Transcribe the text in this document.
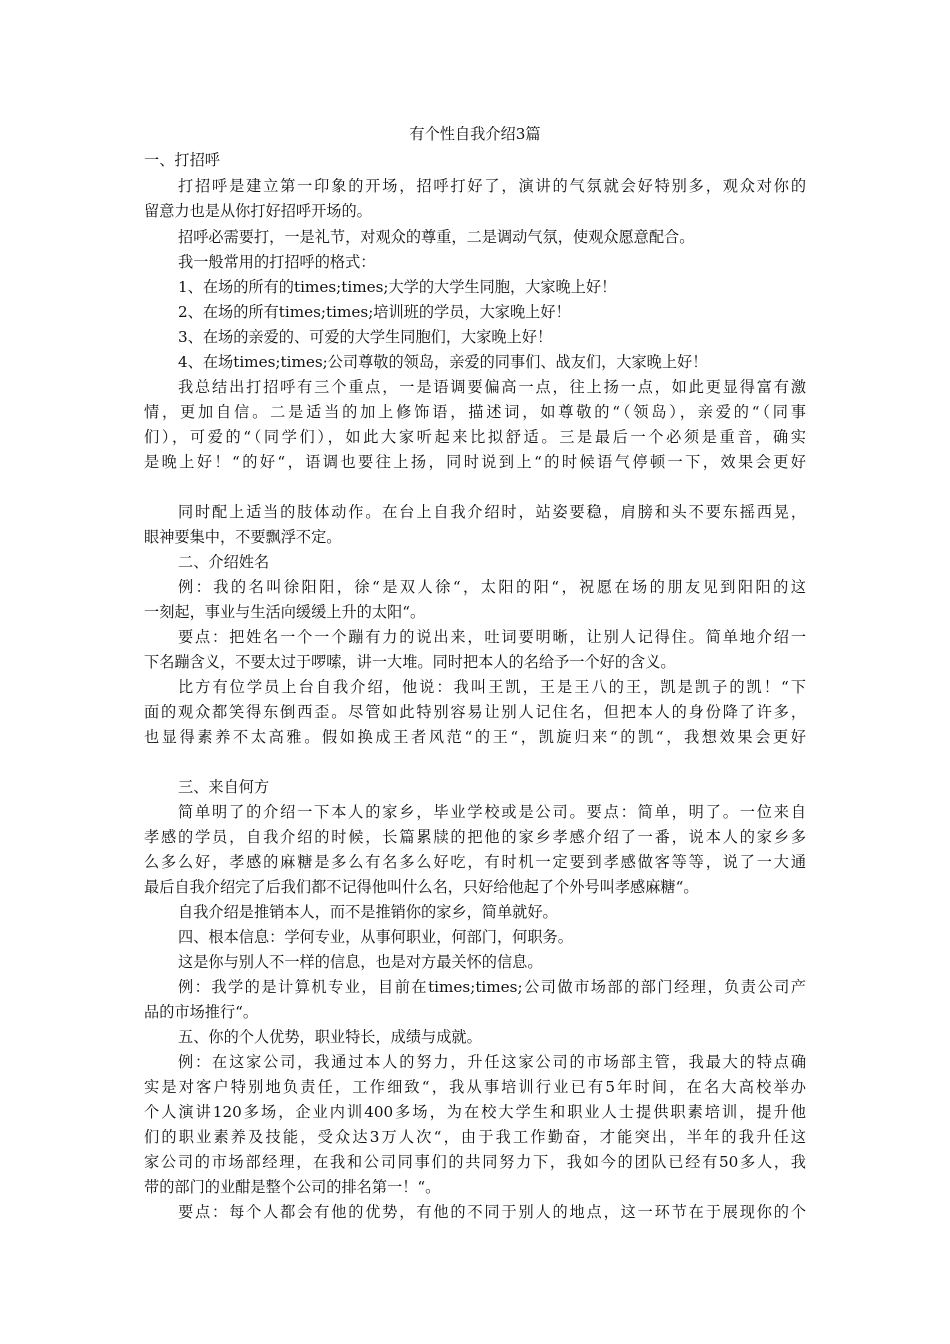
有个性自我介绍3篇
一、打招呼
打招呼是建立第一印象的开场，招呼打好了，演讲的气氛就会好特别多，观众对你的
留意力也是从你打好招呼开场的。
招呼必需要打，一是礼节，对观众的尊重，二是调动气氛，使观众愿意配合。
我一般常用的打招呼的格式：
1、在场的所有的times;times;大学的大学生同胞，大家晚上好！
2、在场的所有times;times;培训班的学员，大家晚上好！
3、在场的亲爱的、可爱的大学生同胞们，大家晚上好！
4、在场times;times;公司尊敬的领岛，亲爱的同事们、战友们，大家晚上好！
我总结出打招呼有三个重点，一是语调要偏高一点，往上扬一点，如此更显得富有激
情，更加自信。二是适当的加上修饰语，描述词，如尊敬的“（领岛），亲爱的“（同事
们），可爱的“（同学们），如此大家听起来比拟舒适。三是最后一个必须是重音，确实
是晚上好！“的好“，语调也要往上扬，同时说到上“的时候语气停顿一下，效果会更好
同时配上适当的肢体动作。在台上自我介绍时，站姿要稳，肩膀和头不要东摇西晃，
眼神要集中，不要飘浮不定。
二、介绍姓名
例：我的名叫徐阳阳，徐“是双人徐“，太阳的阳“，祝愿在场的朋友见到阳阳的这
一刻起，事业与生活向缓缓上升的太阳“。
要点：把姓名一个一个蹦有力的说出来，吐词要明晰，让别人记得住。简单地介绍一
下名蹦含义，不要太过于啰嗦，讲一大堆。同时把本人的名给予一个好的含义。
比方有位学员上台自我介绍，他说：我叫王凯，王是王八的王，凯是凯子的凯！“下
面的观众都笑得东倒西歪。尽管如此特别容易让别人记住名，但把本人的身份降了许多，
也显得素养不太高雅。假如换成王者风范“的王“，凯旋归来“的凯“，我想效果会更好
三、来自何方
简单明了的介绍一下本人的家乡，毕业学校或是公司。要点：简单，明了。一位来自
孝感的学员，自我介绍的时候，长篇累牍的把他的家乡孝感介绍了一番，说本人的家乡多
么多么好，孝感的麻糖是多么有名多么好吃，有时机一定要到孝感做客等等，说了一大通
最后自我介绍完了后我们都不记得他叫什么名，只好给他起了个外号叫孝感麻糖“。
自我介绍是推销本人，而不是推销你的家乡，简单就好。
四、根本信息：学何专业，从事何职业，何部门，何职务。
这是你与别人不一样的信息，也是对方最关怀的信息。
例：我学的是计算机专业，目前在times;times;公司做市场部的部门经理，负责公司产
品的市场推行“。
五、你的个人优势，职业特长，成绩与成就。
例：在这家公司，我通过本人的努力，升任这家公司的市场部主管，我最大的特点确
实是对客户特别地负责任，工作细致“，我从事培训行业已有5年时间，在名大高校举办
个人演讲120多场，企业内训400多场，为在校大学生和职业人士提供职素培训，提升他
们的职业素养及技能，受众达3万人次“，由于我工作勤奋，才能突出，半年的我升任这
家公司的市场部经理，在我和公司同事们的共同努力下，我如今的团队已经有50多人，我
带的部门的业酣是整个公司的排名第一！“。
要点：每个人都会有他的优势，有他的不同于别人的地点，这一环节在于展现你的个
